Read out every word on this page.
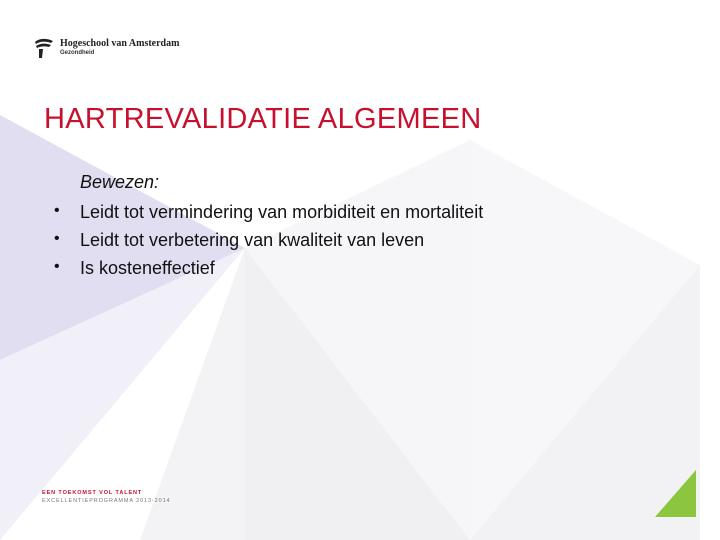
Hogeschool van Amsterdam
Gezondheid
HARTREVALIDATIE ALGEMEEN
Bewezen:
• Leidt tot vermindering van morbiditeit en mortaliteit
• Leidt tot verbetering van kwaliteit van leven
• Is kosteneffectief
EEN TOEKOMST VOL TALENT
EXCELLENTIEPROGRAMMA 2013-2014
